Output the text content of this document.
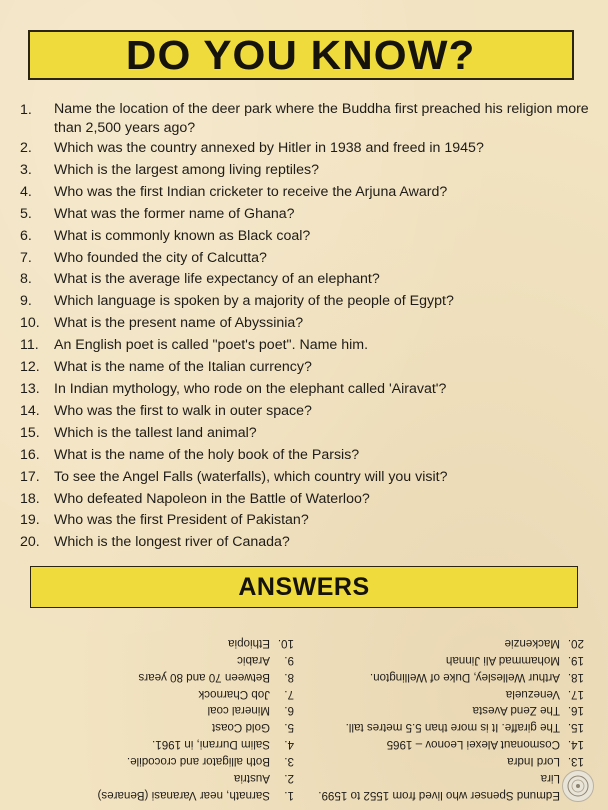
DO YOU KNOW?
1.	Name the location of the deer park where the Buddha first preached his religion more than 2,500 years ago?
2.	Which was the country annexed by Hitler in 1938 and freed in 1945?
3.	Which is the largest among living reptiles?
4.	Who was the first Indian cricketer to receive the Arjuna Award?
5.	What was the former name of Ghana?
6.	What is commonly known as Black coal?
7.	Who founded the city of Calcutta?
8.	What is the average life expectancy of an elephant?
9.	Which language is spoken by a majority of the people of Egypt?
10.	What is the present name of Abyssinia?
11.	An English poet is called "poet's poet". Name him.
12.	What is the name of the Italian currency?
13.	In Indian mythology, who rode on the elephant called 'Airavat'?
14.	Who was the first to walk in outer space?
15.	Which is the tallest land animal?
16.	What is the name of the holy book of the Parsis?
17.	To see the Angel Falls (waterfalls), which country will you visit?
18.	Who defeated Napoleon in the Battle of Waterloo?
19.	Who was the first President of Pakistan?
20.	Which is the longest river of Canada?
ANSWERS
Edmund Spenser who lived from 1552 to 1599.
Lira
13.
Lord Indra
14.
Cosmonaut Alexei Leonov – 1965
15.
The giraffe. It is more than 5.5 metres tall.
16.
The Zend Avesta
17.
Venezuela
18.
Arthur Wellesley, Duke of Wellington.
19.
Mohammad Ali Jinnah
20.
Mackenzie
1.
Sarnath, near Varanasi (Benares)
2.
Austria
3.
Both alligator and crocodile.
4.
Salim Durrani, in 1961.
5.
Gold Coast
6.
Mineral coal
7.
Job Charnock
8.
Between 70 and 80 years
9.
Arabic
10.
Ethiopia
